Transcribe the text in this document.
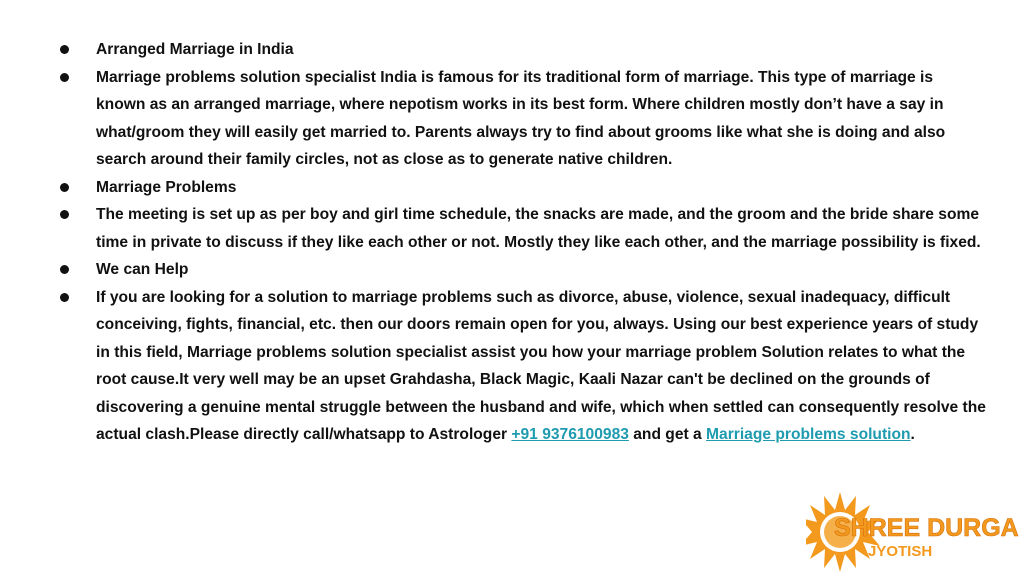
Arranged Marriage in India
Marriage problems solution specialist India is famous for its traditional form of marriage. This type of marriage is known as an arranged marriage, where nepotism works in its best form. Where children mostly don’t have a say in what/groom they will easily get married to. Parents always try to find about grooms like what she is doing and also search around their family circles, not as close as to generate native children.
Marriage Problems
The meeting is set up as per boy and girl time schedule, the snacks are made, and the groom and the bride share some time in private to discuss if they like each other or not. Mostly they like each other, and the marriage possibility is fixed.
We can Help
If you are looking for a solution to marriage problems such as divorce, abuse, violence, sexual inadequacy, difficult conceiving, fights, financial, etc. then our doors remain open for you, always. Using our best experience years of study in this field, Marriage problems solution specialist assist you how your marriage problem Solution relates to what the root cause.It very well may be an upset Grahdasha, Black Magic, Kaali Nazar can't be declined on the grounds of discovering a genuine mental struggle between the husband and wife, which when settled can consequently resolve the actual clash.Please directly call/whatsapp to Astrologer +91 9376100983 and get a Marriage problems solution.
SHREE DURGA
JYOTISH
